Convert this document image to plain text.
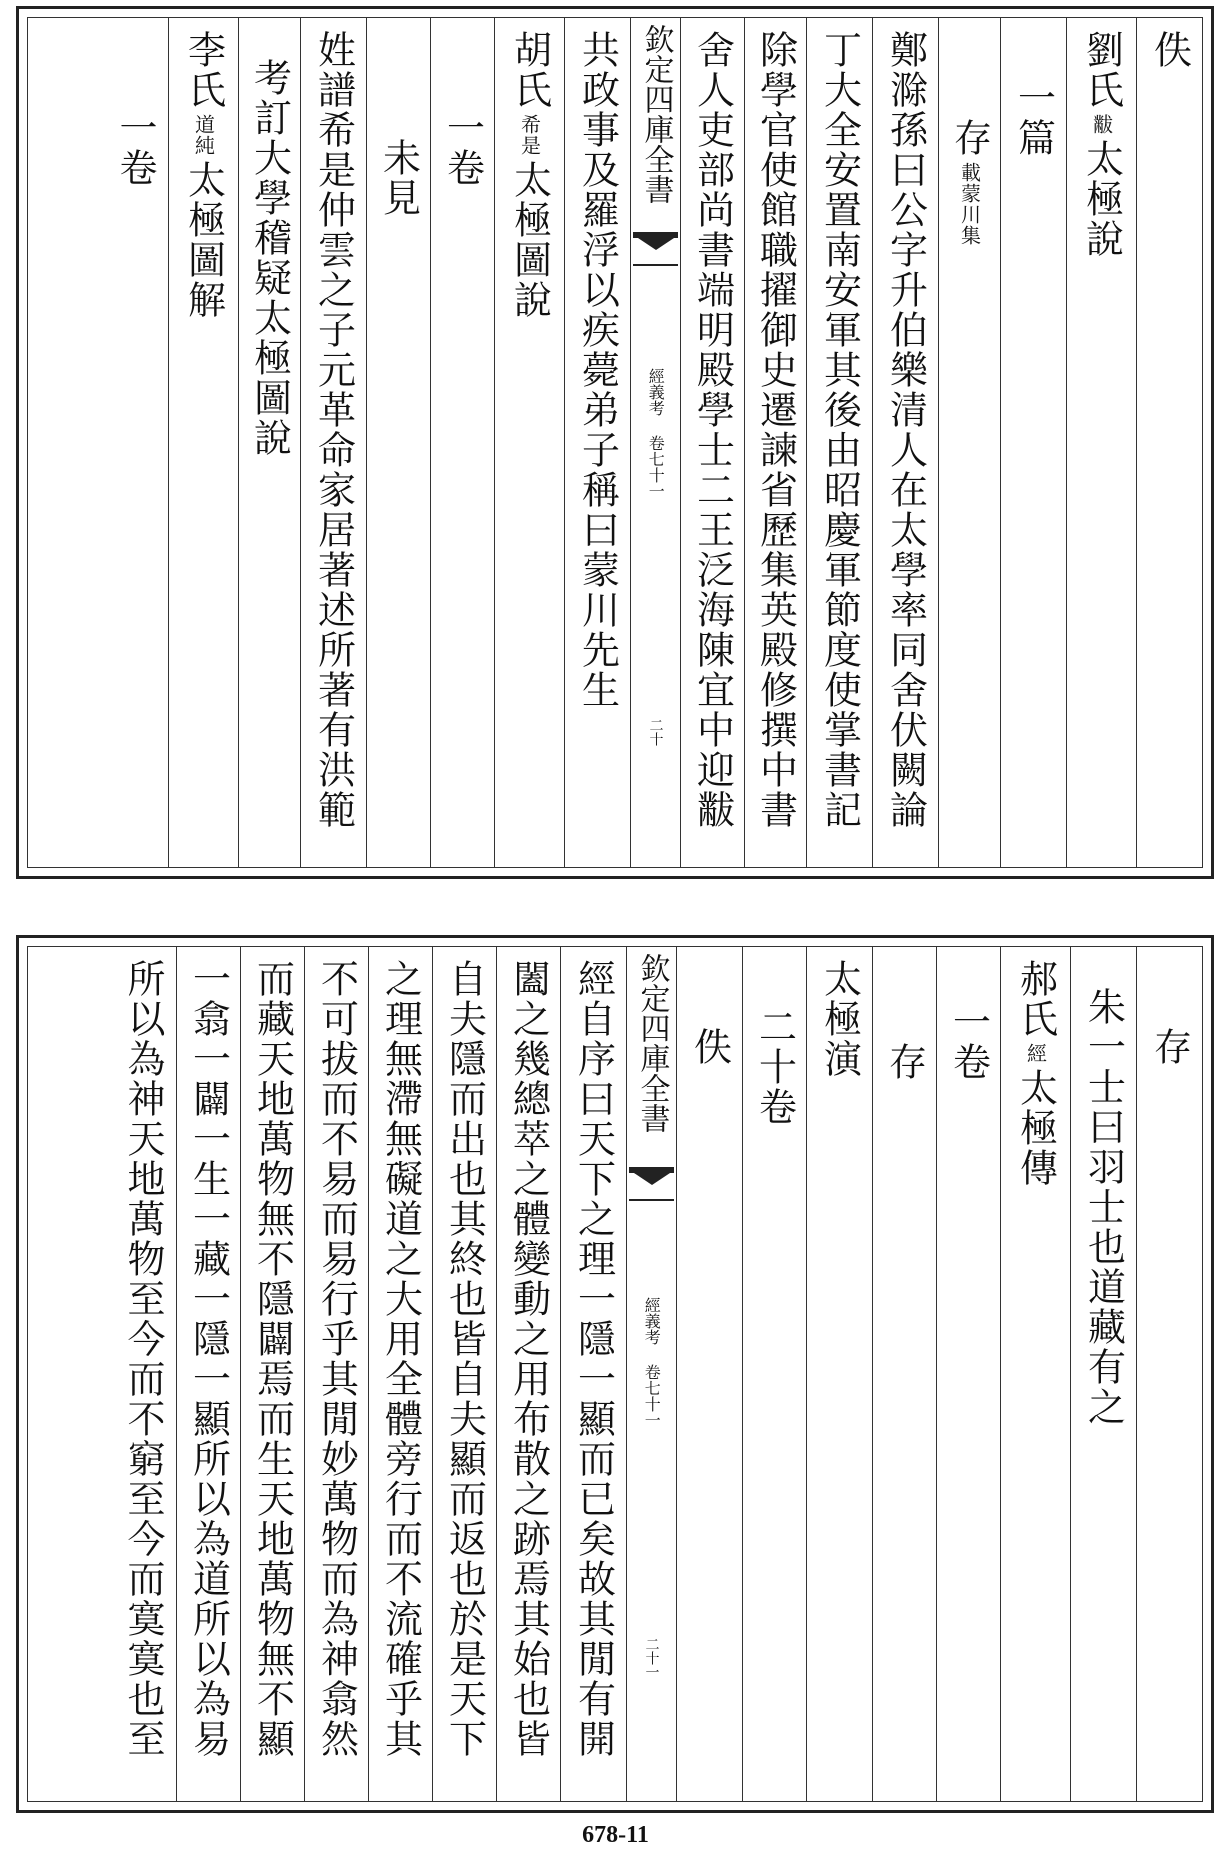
佚
劉氏黻太極說
一篇
存載蒙川集
鄭滁孫曰公字升伯樂清人在太學率同舍伏闕論
丁大全安置南安軍其後由昭慶軍節度使掌書記
除學官使館職擢御史遷諫省歷集英殿修撰中書
舍人吏部尚書端明殿學士二王泛海陳宜中迎黻
欽定四庫全書
經義考 卷七十一
二十
共政事及羅浮以疾薨弟子稱曰蒙川先生
胡氏希是太極圖說
一卷
未見
姓譜希是仲雲之子元革命家居著述所著有洪範
考訂大學稽疑太極圖說
李氏道純太極圖解
一卷
存
朱一士曰羽士也道藏有之
郝氏經太極傳
一卷
存
太極演
二十卷
佚
欽定四庫全書
經義考 卷七十一
二十一
經自序曰天下之理一隱一顯而已矣故其閒有開
闔之幾總萃之體變動之用布散之跡焉其始也皆
自夫隱而出也其終也皆自夫顯而返也於是天下
之理無滯無礙道之大用全體旁行而不流確乎其
不可拔而不易而易行乎其閒妙萬物而為神翕然
而藏天地萬物無不隱闢焉而生天地萬物無不顯
一翕一闢一生一藏一隱一顯所以為道所以為易
所以為神天地萬物至今而不窮至今而寞寞也至
678-11
